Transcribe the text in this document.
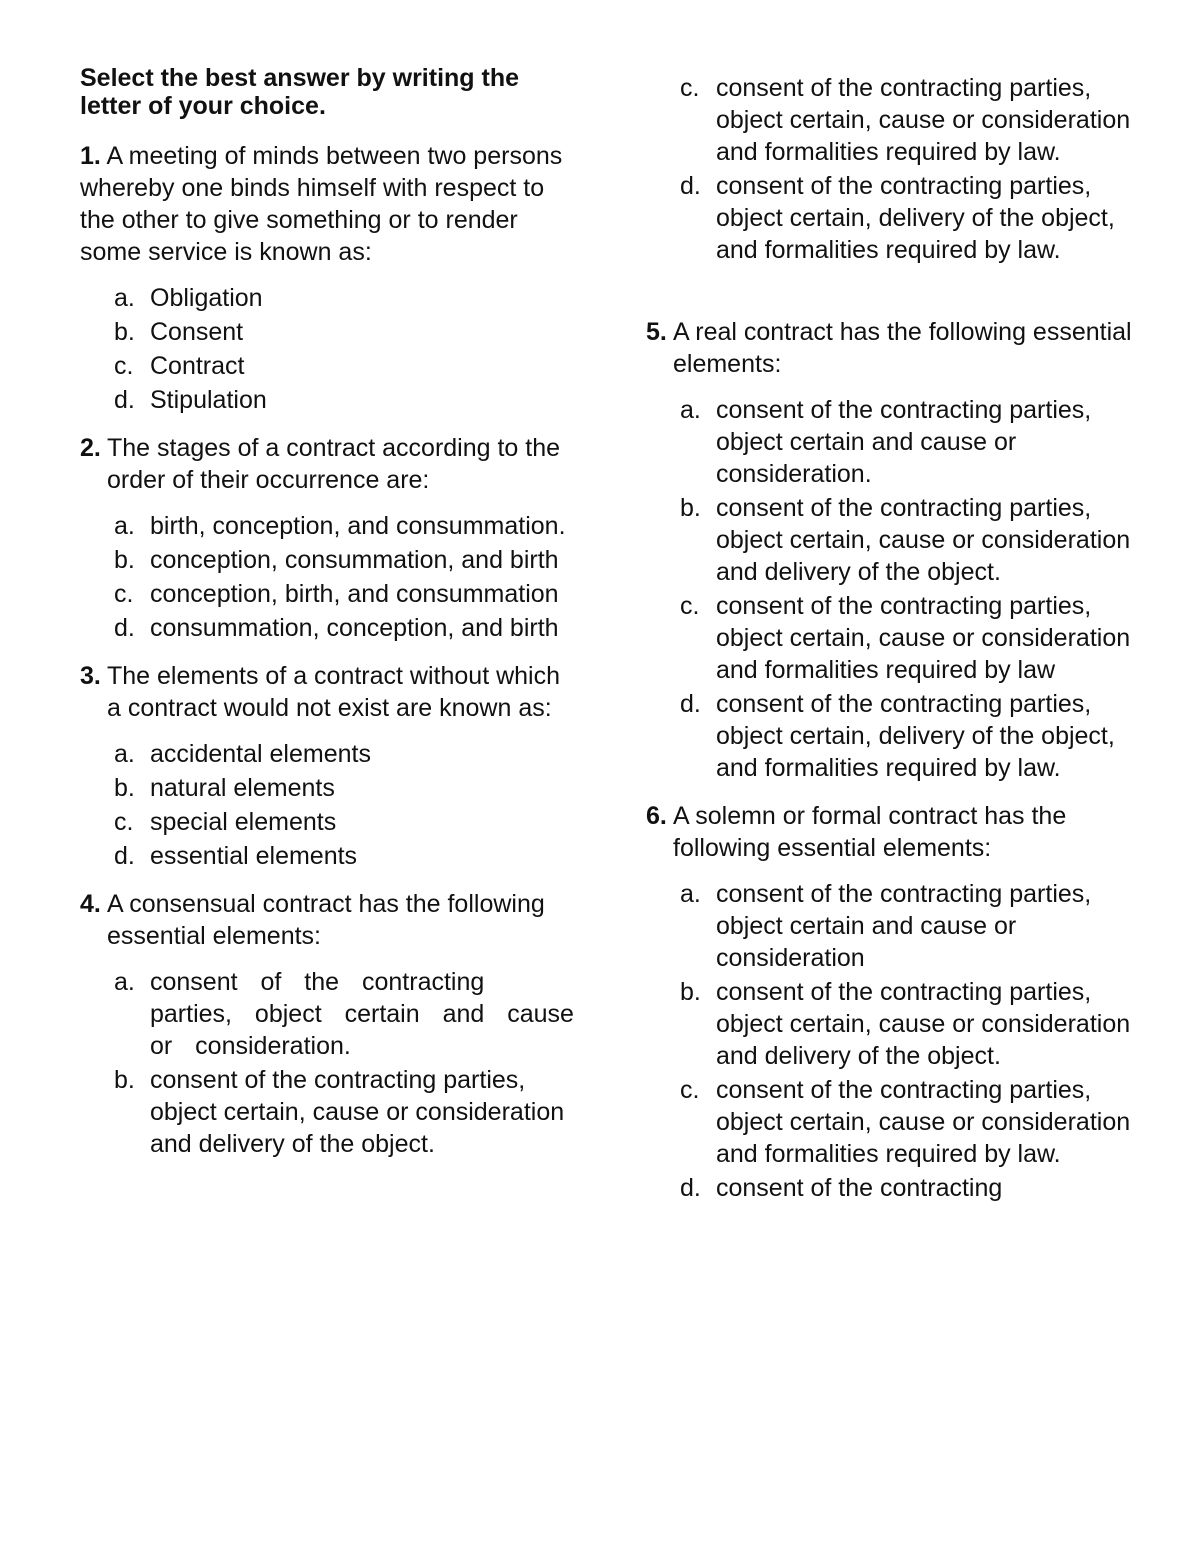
Select the best answer by writing the letter of your choice.

1. A meeting of minds between two persons whereby one binds himself with respect to the other to give something or to render some service is known as:
a. Obligation
b. Consent
c. Contract
d. Stipulation
2. The stages of a contract according to the order of their occurrence are:
a. birth, conception, and consummation.
b. conception, consummation, and birth
c. conception, birth, and consummation
d. consummation, conception, and birth
3. The elements of a contract without which a contract would not exist are known as:
a. accidental elements
b. natural elements
c. special elements
d. essential elements
4. A consensual contract has the following essential elements:
a. consent of the contracting parties, object certain and cause or consideration.
b. consent of the contracting parties, object certain, cause or consideration and delivery of the object.
c. consent of the contracting parties, object certain, cause or consideration and formalities required by law.
d. consent of the contracting parties, object certain, delivery of the object, and formalities required by law.
5. A real contract has the following essential elements:
a. consent of the contracting parties, object certain and cause or consideration.
b. consent of the contracting parties, object certain, cause or consideration and delivery of the object.
c. consent of the contracting parties, object certain, cause or consideration and formalities required by law
d. consent of the contracting parties, object certain, delivery of the object, and formalities required by law.
6. A solemn or formal contract has the following essential elements:
a. consent of the contracting parties, object certain and cause or consideration
b. consent of the contracting parties, object certain, cause or consideration and delivery of the object.
c. consent of the contracting parties, object certain, cause or consideration and formalities required by law.
d. consent of the contracting
